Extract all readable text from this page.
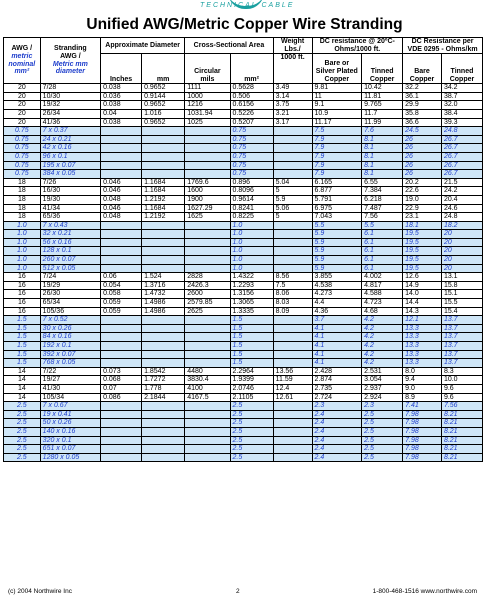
TECHNICAL CABLE
Unified AWG/Metric Copper Wire Stranding
AWG /
metric
nominal
mm²	Stranding
AWG /
Metric mm
diameter	Approximate Diameter		Cross-Sectional Area		Weight Lbs./	DC resistance @ 20ºC-Ohms/1000 ft.		DC Resistance per VDE 0295 - Ohms/km	
		Inches	mm	Circular mils	mm²	1000 ft.	Bare or Silver Plated Copper	Tinned Copper	Bare Copper	Tinned Copper
20	7/28	0.038	0.9652	1111	0.5628	3.49	9.81	10.42	32.2	34.2
20	10/30	0.036	0.9144	1000	0.506	3.14	11	11.81	36.1	38.7
20	19/32	0.038	0.9652	1216	0.6156	3.75	9.1	9.765	29.9	32.0
20	26/34	0.04	1.016	1031.94	0.5226	3.21	10.9	11.7	35.8	38.4
20	41/36	0.038	0.9652	1025	0.5207	3.17	11.17	11.99	36.6	39.3
0.75	7 x 0.37				0.75		7.5	7.6	24.5	24.8
0.75	24 x 0.21				0.75		7.9	8.1	26	26.7
0.75	42 x 0.16				0.75		7.9	8.1	26	26.7
0.75	96 x 0.1				0.75		7.9	8.1	26	26.7
0.75	195 x 0.07				0.75		7.9	8.1	26	26.7
0.75	384 x 0.05				0.75		7.9	8.1	26	26.7
18	7/26	0.046	1.1684	1769.6	0.896	5.04	6.165	6.55	20.2	21.5
18	16/30	0.046	1.1684	1600	0.8096	5	6.877	7.384	22.6	24.2
18	19/30	0.048	1.2192	1900	0.9614	5.9	5.791	6.218	19.0	20.4
18	41/34	0.046	1.1684	1627.29	0.8241	5.06	6.975	7.487	22.9	24.6
18	65/36	0.048	1.2192	1625	0.8225	5	7.043	7.56	23.1	24.8
1.0	7 x 0.43				1.0		5.5	5.5	18.1	18.2
1.0	32 x 0.21				1.0		5.9	6.1	19.5	20
1.0	56 x 0.16				1.0		5.9	6.1	19.5	20
1.0	128 x 0.1				1.0		5.9	6.1	19.5	20
1.0	260 x 0.07				1.0		5.9	6.1	19.5	20
1.0	512 x 0.05				1.0		5.9	6.1	19.5	20
16	7/24	0.06	1.524	2828	1.4322	8.56	3.855	4.002	12.6	13.1
16	19/29	0.054	1.3716	2426.3	1.2293	7.5	4.538	4.817	14.9	15.8
16	26/30	0.058	1.4732	2600	1.3156	8.06	4.273	4.588	14.0	15.1
16	65/34	0.059	1.4986	2579.85	1.3065	8.03	4.4	4.723	14.4	15.5
16	105/36	0.059	1.4986	2625	1.3335	8.09	4.36	4.68	14.3	15.4
1.5	7 x 0.52				1.5		3.7	4.2	12.1	13.7
1.5	30 x 0.26				1.5		4.1	4.2	13.3	13.7
1.5	84 x 0.16				1.5		4.1	4.2	13.3	13.7
1.5	192 x 0.1				1.5		4.1	4.2	13.3	13.7
1.5	392 x 0.07				1.5		4.1	4.2	13.3	13.7
1.5	768 x 0.05				1.5		4.1	4.2	13.3	13.7
14	7/22	0.073	1.8542	4480	2.2964	13.56	2.428	2.531	8.0	8.3
14	19/27	0.068	1.7272	3830.4	1.9399	11.59	2.874	3.054	9.4	10.0
14	41/30	0.07	1.778	4100	2.0746	12.4	2.735	2.937	9.0	9.6
14	105/34	0.086	2.1844	4167.5	2.1105	12.61	2.724	2.924	8.9	9.6
2.5	7 x 0.67				2.5		2.3	2.3	7.41	7.56
2.5	19 x 0.41				2.5		2.4	2.5	7.98	8.21
2.5	50 x 0.26				2.5		2.4	2.5	7.98	8.21
2.5	140 x 0.16				2.5		2.4	2.5	7.98	8.21
2.5	320 x 0.1				2.5		2.4	2.5	7.98	8.21
2.5	651 x 0.07				2.5		2.4	2.5	7.98	8.21
2.5	1280 x 0.05				2.5		2.4	2.5	7.98	8.21
(c) 2004 Northwire Inc	2	1-800-468-1516 www.northwire.com
